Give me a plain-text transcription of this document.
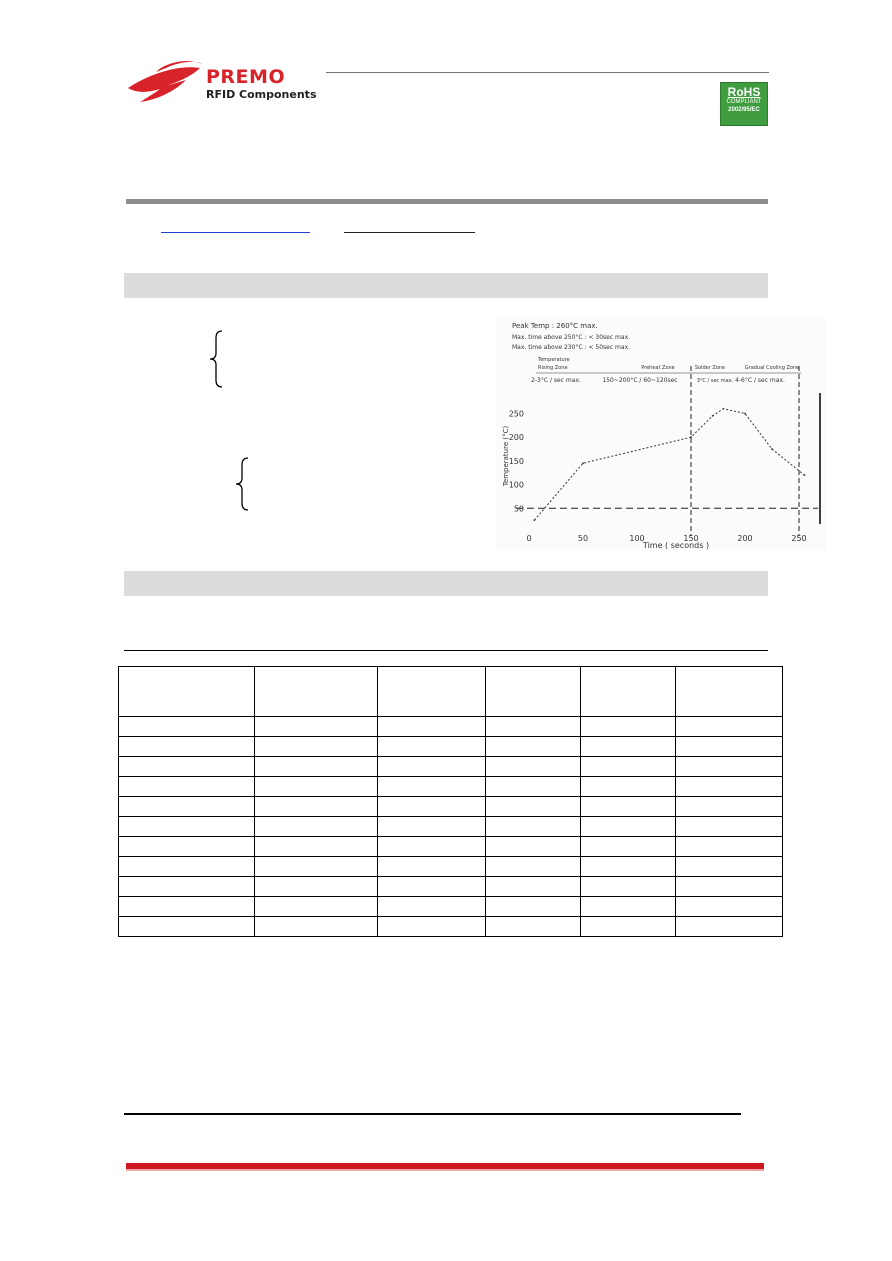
PREMO
RFID Components	RoHS
COMPLIANT
2002/95/EC
Peak Temp : 260°C max.
Max. time above 250°C : < 30sec max.
Max. time above 230°C : < 50sec max.
Temperature
Rising Zone	Preheat Zone	Solder Zone	Gradual Cooling Zone
2-3°C / sec max.	150~200°C / 60~120sec	3°C / sec max. 4-6°C / sec max.
0	50	100	150	200	250
50
100
150
200
250
Time ( seconds )
Temperature (°C)
